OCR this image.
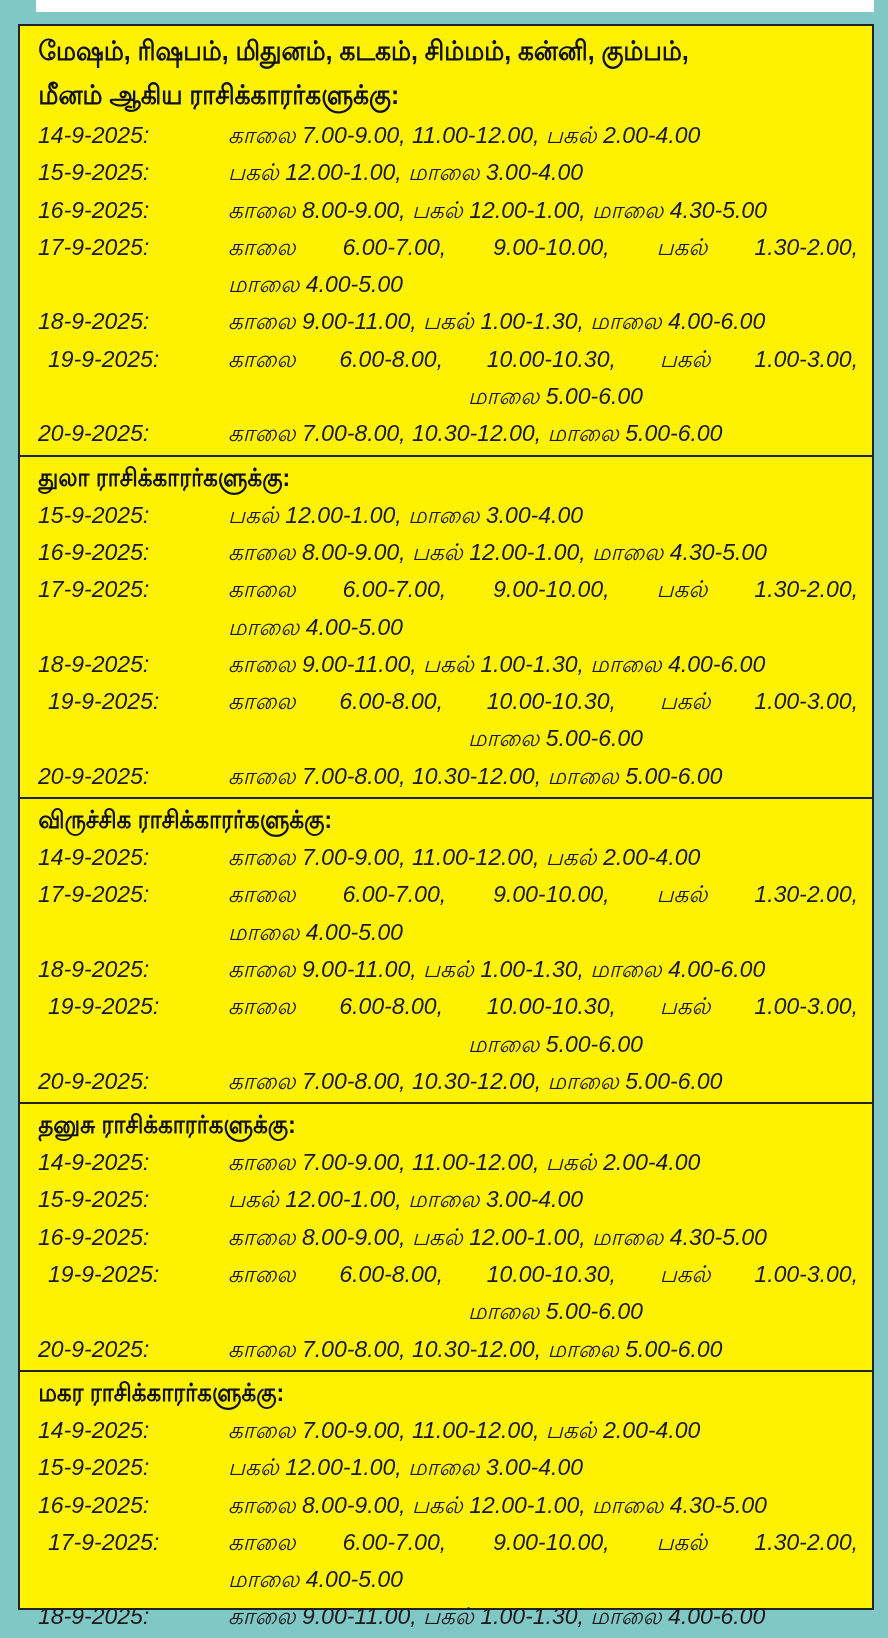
மேஷம், ரிஷபம், மிதுனம், கடகம், சிம்மம், கன்னி, கும்பம்,
மீனம் ஆகிய ராசிக்காரர்களுக்கு:
14-9-2025:	காலை 7.00-9.00, 11.00-12.00, பகல் 2.00-4.00
15-9-2025:	பகல் 12.00-1.00, மாலை 3.00-4.00
16-9-2025:	காலை 8.00-9.00, பகல் 12.00-1.00, மாலை 4.30-5.00
17-9-2025:	காலை 6.00-7.00, 9.00-10.00, பகல் 1.30-2.00,
மாலை 4.00-5.00
18-9-2025:	காலை 9.00-11.00, பகல் 1.00-1.30, மாலை 4.00-6.00
19-9-2025:	காலை 6.00-8.00, 10.00-10.30, பகல் 1.00-3.00,
மாலை 5.00-6.00
20-9-2025:	காலை 7.00-8.00, 10.30-12.00, மாலை 5.00-6.00
துலா ராசிக்காரர்களுக்கு:
15-9-2025:	பகல் 12.00-1.00, மாலை 3.00-4.00
16-9-2025:	காலை 8.00-9.00, பகல் 12.00-1.00, மாலை 4.30-5.00
17-9-2025:	காலை 6.00-7.00, 9.00-10.00, பகல் 1.30-2.00,
மாலை 4.00-5.00
18-9-2025:	காலை 9.00-11.00, பகல் 1.00-1.30, மாலை 4.00-6.00
19-9-2025:	காலை 6.00-8.00, 10.00-10.30, பகல் 1.00-3.00,
மாலை 5.00-6.00
20-9-2025:	காலை 7.00-8.00, 10.30-12.00, மாலை 5.00-6.00
விருச்சிக ராசிக்காரர்களுக்கு:
14-9-2025:	காலை 7.00-9.00, 11.00-12.00, பகல் 2.00-4.00
17-9-2025:	காலை 6.00-7.00, 9.00-10.00, பகல் 1.30-2.00,
மாலை 4.00-5.00
18-9-2025:	காலை 9.00-11.00, பகல் 1.00-1.30, மாலை 4.00-6.00
19-9-2025:	காலை 6.00-8.00, 10.00-10.30, பகல் 1.00-3.00,
மாலை 5.00-6.00
20-9-2025:	காலை 7.00-8.00, 10.30-12.00, மாலை 5.00-6.00
தனுசு ராசிக்காரர்களுக்கு:
14-9-2025:	காலை 7.00-9.00, 11.00-12.00, பகல் 2.00-4.00
15-9-2025:	பகல் 12.00-1.00, மாலை 3.00-4.00
16-9-2025:	காலை 8.00-9.00, பகல் 12.00-1.00, மாலை 4.30-5.00
19-9-2025:	காலை 6.00-8.00, 10.00-10.30, பகல் 1.00-3.00,
மாலை 5.00-6.00
20-9-2025:	காலை 7.00-8.00, 10.30-12.00, மாலை 5.00-6.00
மகர ராசிக்காரர்களுக்கு:
14-9-2025:	காலை 7.00-9.00, 11.00-12.00, பகல் 2.00-4.00
15-9-2025:	பகல் 12.00-1.00, மாலை 3.00-4.00
16-9-2025:	காலை 8.00-9.00, பகல் 12.00-1.00, மாலை 4.30-5.00
17-9-2025:	காலை 6.00-7.00, 9.00-10.00, பகல் 1.30-2.00,
மாலை 4.00-5.00
18-9-2025:	காலை 9.00-11.00, பகல் 1.00-1.30, மாலை 4.00-6.00
